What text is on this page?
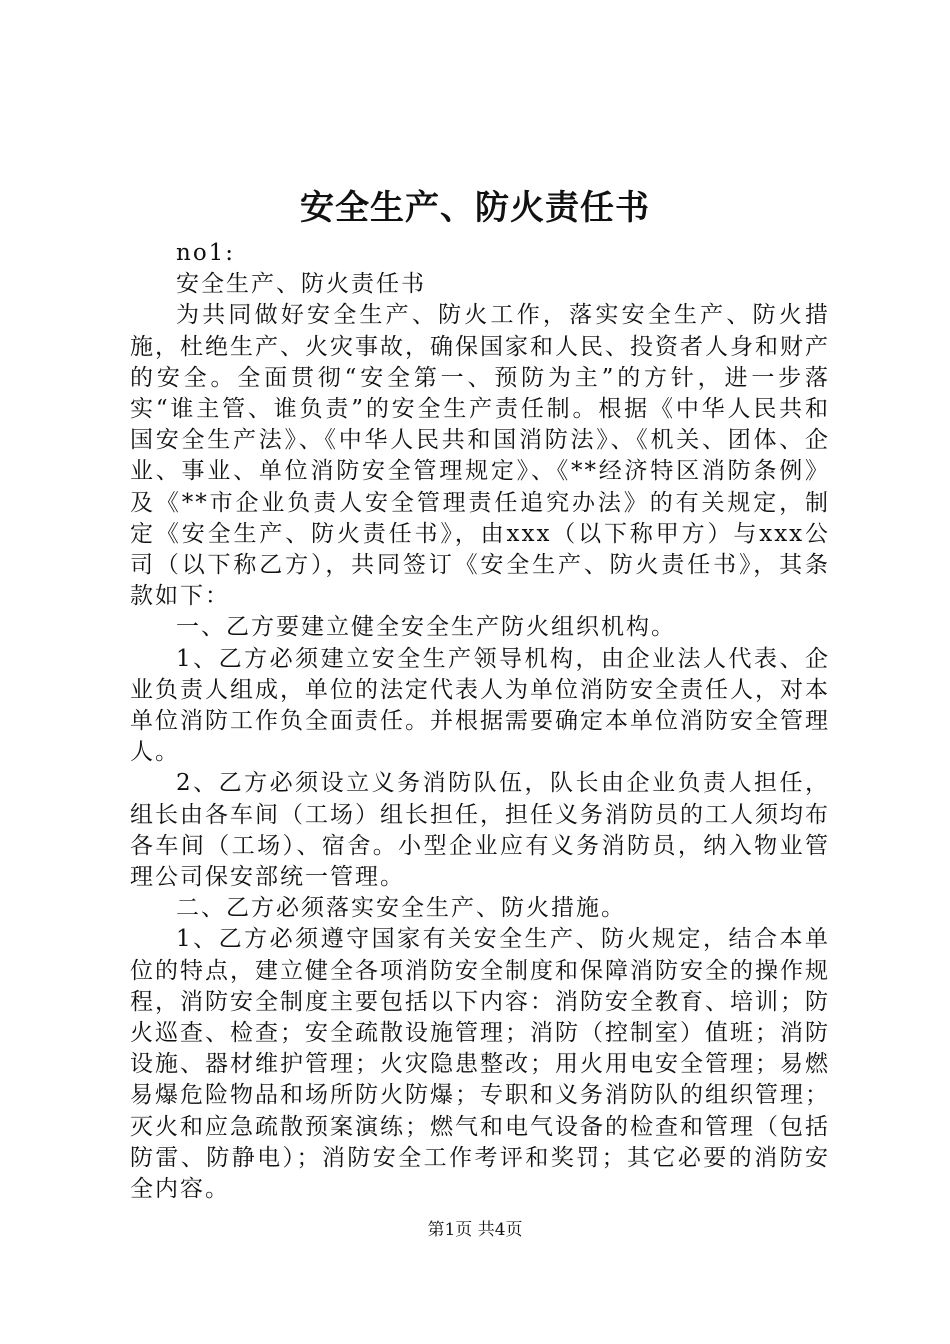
安全生产、防火责任书

no1:

安全生产、防火责任书

为共同做好安全生产、防火工作，落实安全生产、防火措施，杜绝生产、火灾事故，确保国家和人民、投资者人身和财产的安全。全面贯彻“安全第一、预防为主”的方针，进一步落实“谁主管、谁负责”的安全生产责任制。根据《中华人民共和国安全生产法》、《中华人民共和国消防法》、《机关、团体、企业、事业、单位消防安全管理规定》、《**经济特区消防条例》及《**市企业负责人安全管理责任追究办法》的有关规定，制定《安全生产、防火责任书》，由xxx（以下称甲方）与xxx公司（以下称乙方），共同签订《安全生产、防火责任书》，其条款如下：

一、乙方要建立健全安全生产防火组织机构。

1、乙方必须建立安全生产领导机构，由企业法人代表、企业负责人组成，单位的法定代表人为单位消防安全责任人，对本单位消防工作负全面责任。并根据需要确定本单位消防安全管理人。

2、乙方必须设立义务消防队伍，队长由企业负责人担任，组长由各车间（工场）组长担任，担任义务消防员的工人须均布各车间（工场）、宿舍。小型企业应有义务消防员，纳入物业管理公司保安部统一管理。

二、乙方必须落实安全生产、防火措施。

1、乙方必须遵守国家有关安全生产、防火规定，结合本单位的特点，建立健全各项消防安全制度和保障消防安全的操作规程，消防安全制度主要包括以下内容：消防安全教育、培训；防火巡查、检查；安全疏散设施管理；消防（控制室）值班；消防设施、器材维护管理；火灾隐患整改；用火用电安全管理；易燃易爆危险物品和场所防火防爆；专职和义务消防队的组织管理；灭火和应急疏散预案演练；燃气和电气设备的检查和管理（包括防雷、防静电）；消防安全工作考评和奖罚；其它必要的消防安全内容。

第1页 共4页
